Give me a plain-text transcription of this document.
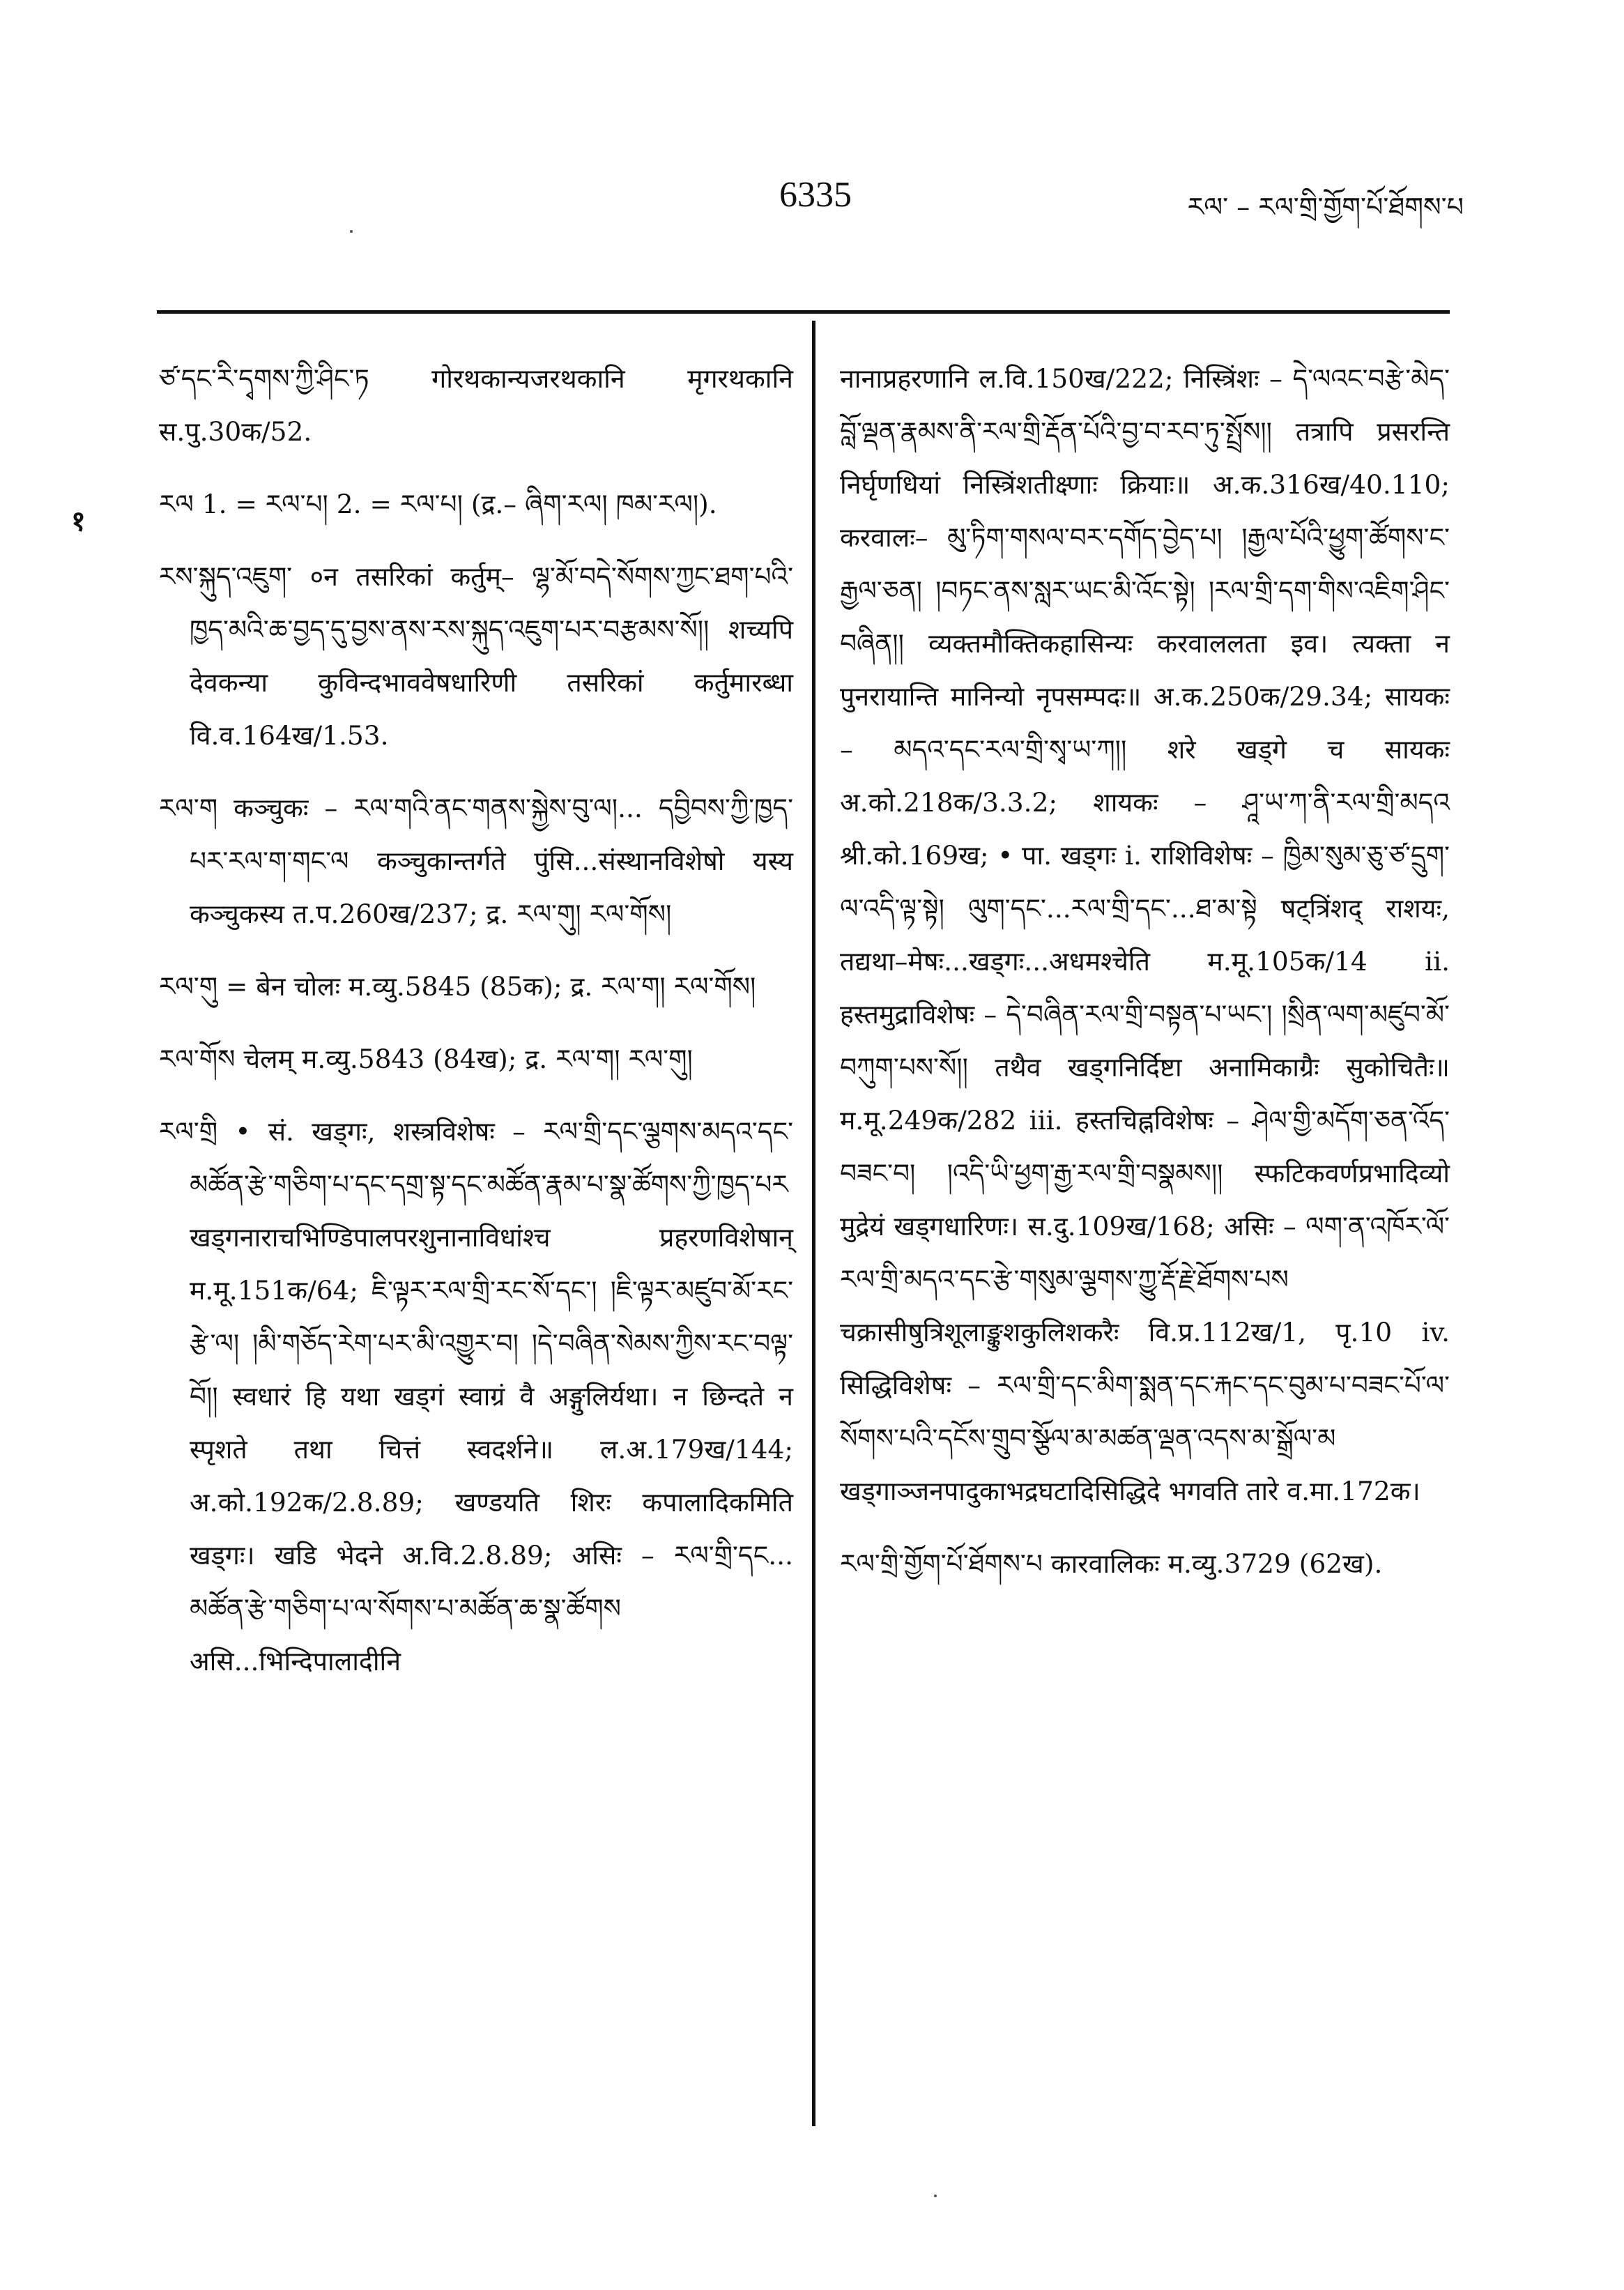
6335	རལ་ – རལ་གྲི་གྱོག་པོ་ཐོགས་པ
१

ཙ་དང་རི་དྭགས་ཀྱི་ཤིང་ཏ गोरथकान्यजरथकानि मृगरथकानि स.पु.30क/52.

རལ 1. = རལ་པ། 2. = རལ་པ། (द्र.– ཞིག་རལ། ཁམ་རལ།).

རས་སྐུད་འཇུག་ ०न तसरिकां कर्तुम्– ལྷ་མོ་བདེ་སོགས་ཀྱང་ཐག་པའི་ཁྱད་མའི་ཆ་བྱད་དུ་བྱས་ནས་རས་སྐུད་འཇུག་པར་བརྩམས་སོ།། शच्यपि देवकन्या कुविन्दभाववेषधारिणी तसरिकां कर्तुमारब्धा वि.व.164ख/1.53.

རལ་ག कञ्चुकः – རལ་གའི་ནང་གནས་སྐྱེས་བུ་ལ།... དབྱིབས་ཀྱི་ཁྱད་པར་རལ་ག་གང་ལ कञ्चुकान्तर्गते पुंसि...संस्थानविशेषो यस्य कञ्चुकस्य त.प.260ख/237; द्र. རལ་གུ། རལ་གོས།

རལ་གུ = बेन चोलः म.व्यु.5845 (85क); द्र. རལ་ག། རལ་གོས།

རལ་གོས चेलम् म.व्यु.5843 (84ख); द्र. རལ་ག། རལ་གུ།

རལ་གྲི • सं. खड्गः, शस्त्रविशेषः – རལ་གྲི་དང་ལྕགས་མདའ་དང་མཚོན་རྩེ་གཅིག་པ་དང་དགྲ་སྟ་དང་མཚོན་རྣམ་པ་སྣ་ཚོགས་ཀྱི་ཁྱད་པར खड्गनाराचभिण्डिपालपरशुनानाविधांश्च प्रहरणविशेषान् म.मू.151क/64; ཇི་ལྟར་རལ་གྲི་རང་སོ་དང་། །ཇི་ལྟར་མཛུབ་མོ་རང་རྩེ་ལ། །མི་གཅོད་རེག་པར་མི་འགྱུར་བ། །དེ་བཞིན་སེམས་ཀྱིས་རང་བལྟ་བོ།། स्वधारं हि यथा खड्गं स्वाग्रं वै अङ्गुलिर्यथा। न छिन्दते न स्पृशते तथा चित्तं स्वदर्शने॥ ल.अ.179ख/144; अ.को.192क/2.8.89; खण्डयति शिरः कपालादिकमिति खड्गः। खडि भेदने अ.वि.2.8.89; असिः – རལ་གྲི་དང... མཚོན་རྩེ་གཅིག་པ་ལ་སོགས་པ་མཚོན་ཆ་སྣ་ཚོགས असि...भिन्दिपालादीनि

नानाप्रहरणानि ल.वि.150ख/222; निस्त्रिंशः – དེ་ལའང་བརྩེ་མེད་བློ་ལྡན་རྣམས་ནི་རལ་གྲི་རྡོན་པོའི་བྱ་བ་རབ་ཏུ་སྤྲོས།། तत्रापि प्रसरन्ति निर्घृणधियां निस्त्रिंशतीक्ष्णाः क्रियाः॥ अ.क.316ख/40.110; करवालः– མུ་ཏིག་གསལ་བར་དགོད་བྱེད་པ། །རྒྱལ་པོའི་ཕྱུག་ཚོགས་ང་རྒྱལ་ཅན། །བཏང་ནས་སླར་ཡང་མི་འོང་སྟེ། །རལ་གྲི་དག་གིས་འཇིག་ཤིང་བཞིན།། व्यक्तमौक्तिकहासिन्यः करवाललता इव। त्यक्ता न पुनरायान्ति मानिन्यो नृपसम्पदः॥ अ.क.250क/29.34; सायकः – མདའ་དང་རལ་གྲི་སྭ་ཡ་ཀ།། शरे खड्गे च सायकः अ.को.218क/3.3.2; शायकः – ཤཱ་ཡ་ཀ་ནི་རལ་གྲི་མདའ श्री.को.169ख; • पा. खड्गः i. राशिविशेषः – ཁྱིམ་སུམ་ཅུ་ཙ་དྲུག་ལ་འདི་ལྟ་སྟེ། ལུག་དང་...རལ་གྲི་དང་...ཐ་མ་སྟེ षट्त्रिंशद् राशयः, तद्यथा–मेषः...खड्गः...अधमश्चेति म.मू.105क/14 ii. हस्तमुद्राविशेषः – དེ་བཞིན་རལ་གྲི་བསྟན་པ་ཡང་། །སྲིན་ལག་མཛུབ་མོ་བཀུག་པས་སོ།། तथैव खड्गनिर्दिष्टा अनामिकाग्रैः सुकोचितैः॥ म.मू.249क/282 iii. हस्तचिह्नविशेषः – ཤེལ་གྱི་མདོག་ཅན་འོད་བཟང་བ། །འདི་ཡི་ཕྱག་རྒྱ་རལ་གྲི་བསྣམས།། स्फटिकवर्णप्रभादिव्यो मुद्रेयं खड्गधारिणः। स.दु.109ख/168; असिः – ལག་ན་འཁོར་ལོ་རལ་གྲི་མདའ་དང་རྩེ་གསུམ་ལྕགས་ཀྱུ་རྡོ་རྗེ་ཐོགས་པས चक्रासीषुत्रिशूलाङ्कुशकुलिशकरैः वि.प्र.112ख/1, पृ.10 iv. सिद्धिविशेषः – རལ་གྲི་དང་མིག་སྨན་དང་རྐང་དང་བུམ་པ་བཟང་པོ་ལ་སོགས་པའི་དངོས་གྲུབ་སྩོལ་མ་མཚན་ལྡན་འདས་མ་སྒྲོལ་མ खड्गाञ्जनपादुकाभद्रघटादिसिद्धिदे भगवति तारे व.मा.172क।

རལ་གྲི་གྱོག་པོ་ཐོགས་པ कारवालिकः म.व्यु.3729 (62ख).
